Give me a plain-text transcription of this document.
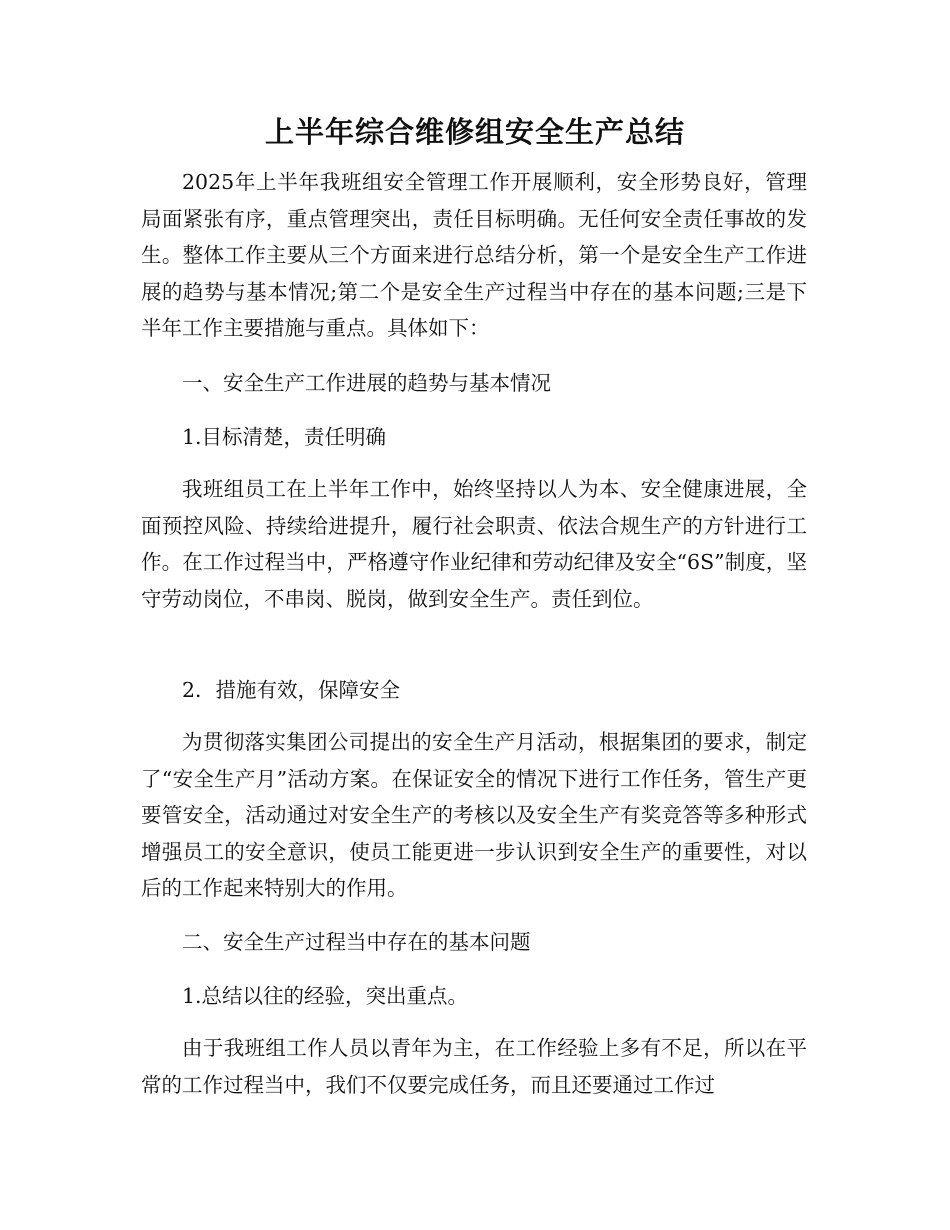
上半年综合维修组安全生产总结

2025年上半年我班组安全管理工作开展顺利，安全形势良好，管理局面紧张有序，重点管理突出，责任目标明确。无任何安全责任事故的发生。整体工作主要从三个方面来进行总结分析，第一个是安全生产工作进展的趋势与基本情况;第二个是安全生产过程当中存在的基本问题;三是下半年工作主要措施与重点。具体如下：

一、安全生产工作进展的趋势与基本情况

1.目标清楚，责任明确

我班组员工在上半年工作中，始终坚持以人为本、安全健康进展，全面预控风险、持续给进提升，履行社会职责、依法合规生产的方针进行工作。在工作过程当中，严格遵守作业纪律和劳动纪律及安全“6S”制度，坚守劳动岗位，不串岗、脱岗，做到安全生产。责任到位。

2．措施有效，保障安全

为贯彻落实集团公司提出的安全生产月活动，根据集团的要求，制定了“安全生产月”活动方案。在保证安全的情况下进行工作任务，管生产更要管安全，活动通过对安全生产的考核以及安全生产有奖竞答等多种形式增强员工的安全意识，使员工能更进一步认识到安全生产的重要性，对以后的工作起来特别大的作用。

二、安全生产过程当中存在的基本问题

1.总结以往的经验，突出重点。

由于我班组工作人员以青年为主，在工作经验上多有不足，所以在平常的工作过程当中，我们不仅要完成任务，而且还要通过工作过
